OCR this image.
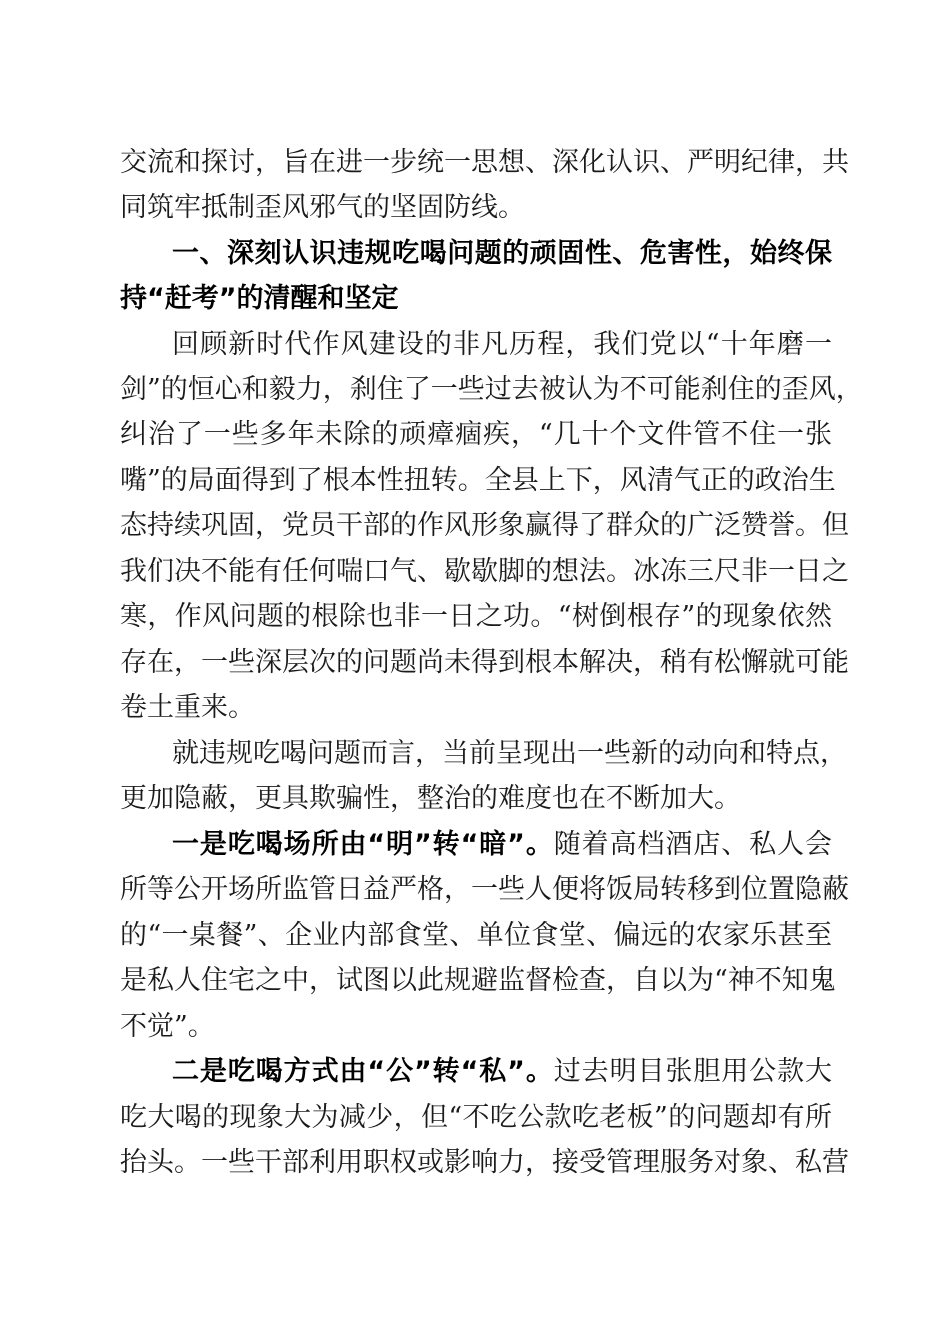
交流和探讨，旨在进一步统一思想、深化认识、严明纪律，共
同筑牢抵制歪风邪气的坚固防线。
一、深刻认识违规吃喝问题的顽固性、危害性，始终保
持“赶考”的清醒和坚定
回顾新时代作风建设的非凡历程，我们党以“十年磨一
剑”的恒心和毅力，刹住了一些过去被认为不可能刹住的歪风，
纠治了一些多年未除的顽瘴痼疾，“几十个文件管不住一张
嘴”的局面得到了根本性扭转。全县上下，风清气正的政治生
态持续巩固，党员干部的作风形象赢得了群众的广泛赞誉。但
我们决不能有任何喘口气、歇歇脚的想法。冰冻三尺非一日之
寒，作风问题的根除也非一日之功。“树倒根存”的现象依然
存在，一些深层次的问题尚未得到根本解决，稍有松懈就可能
卷土重来。
就违规吃喝问题而言，当前呈现出一些新的动向和特点，
更加隐蔽，更具欺骗性，整治的难度也在不断加大。
一是吃喝场所由“明”转“暗”。随着高档酒店、私人会
所等公开场所监管日益严格，一些人便将饭局转移到位置隐蔽
的“一桌餐”、企业内部食堂、单位食堂、偏远的农家乐甚至
是私人住宅之中，试图以此规避监督检查，自以为“神不知鬼
不觉”。
二是吃喝方式由“公”转“私”。过去明目张胆用公款大
吃大喝的现象大为减少，但“不吃公款吃老板”的问题却有所
抬头。一些干部利用职权或影响力，接受管理服务对象、私营
